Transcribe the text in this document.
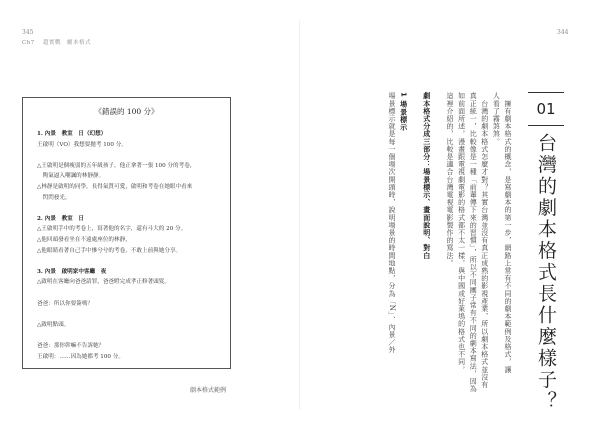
345
Ch7 　超實戰　劇本格式
《錯誤的 100 分》
1. 內景　教室　日（幻想）
王啟明（VO）我想要拋考 100 分。
△王啟明是個瘦弱的五年級孩子，他正拿著一張 100 分的考卷，
　陶氣逼入嘲諷的林靜靜。
△林靜是啟明的同學，長得氣質可愛，啟明和考卷在她眼中看來
　閃閃發光。
2. 內景　教室　日
△王啟明手中的考卷上，寫著他的名字，還有斗大的 20 分。
△他回頭發看坐在不遠處座位的林靜，
△他眼睛看著自己手中慘兮兮的考卷，不敢上前與她分享。
3. 內景　啟明家中客廳　夜
△啟明在客廳向爸爸請罪，爸爸瞪完成孝正修著頭髮。
爸爸：所以你要簽嗎？
△啟明點頭。
爸爸：那你幹嘛不告訴她？
王啟明：……因為她都考 100 分。
劇本格式範例
344
01
台灣的劇本格式長什麼樣子？
　擁有劇本格式的概念，是寫劇本的第一步，網路上常有不同的劇本範例及格式，讓
人看了霧煞煞。
　台灣的劇本格式怎麼才對？其實台灣並沒有真正成熟的影視產業，所以劇本格式並沒有
真正統一，比較像是一種「前輩傳下來的習慣」，所以不同團子常有不同的劇本寫法，因為
如前面所述，漫畫跟電視劇電影的格式都不太一樣，與中國或好萊塢的格式也不同，
這裡介紹的，比較是適合台灣電視電影製作的寫法。
劇本格式分成三部分：場景標示、畫面說明、對白
1 場景標示
場景標示就是每一個場次開頭時，說明場景的時間地點，分為「N」、內景／外
